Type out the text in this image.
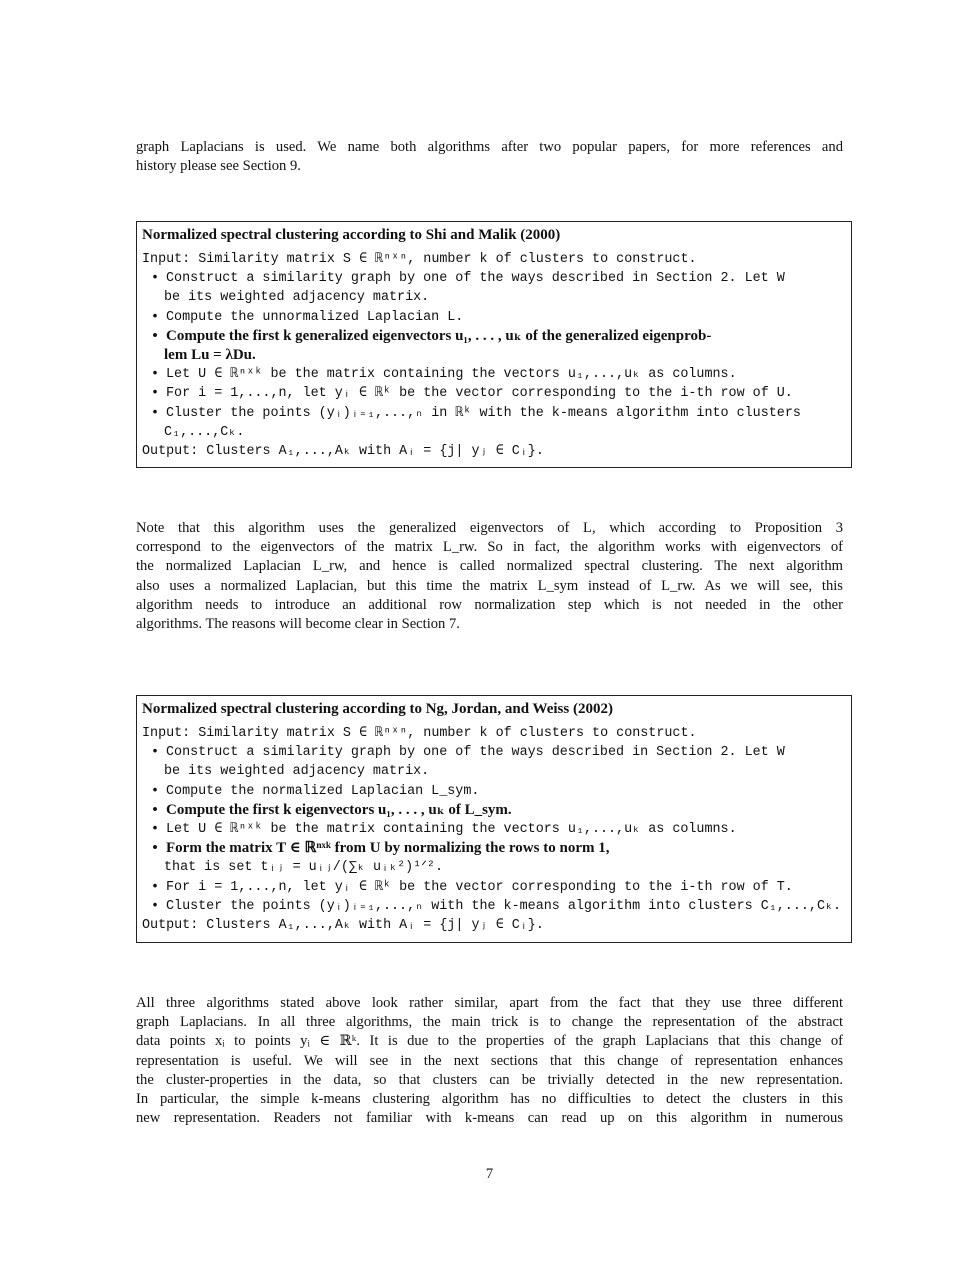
graph Laplacians is used. We name both algorithms after two popular papers, for more references and
history please see Section 9.
Normalized spectral clustering according to Shi and Malik (2000)
Input: Similarity matrix S ∈ ℝⁿˣⁿ, number k of clusters to construct.
• Construct a similarity graph by one of the ways described in Section 2. Let W
be its weighted adjacency matrix.
• Compute the unnormalized Laplacian L.
• Compute the first k generalized eigenvectors u₁, . . . , uₖ of the generalized eigenprob-
lem Lu = λDu.
• Let U ∈ ℝⁿˣᵏ be the matrix containing the vectors u₁,...,uₖ as columns.
• For i = 1,...,n, let yᵢ ∈ ℝᵏ be the vector corresponding to the i-th row of U.
• Cluster the points (yᵢ)ᵢ₌₁,...,ₙ in ℝᵏ with the k-means algorithm into clusters
C₁,...,Cₖ.
Output: Clusters A₁,...,Aₖ with Aᵢ = {j| yⱼ ∈ Cᵢ}.
Note that this algorithm uses the generalized eigenvectors of L, which according to Proposition 3
correspond to the eigenvectors of the matrix L_rw. So in fact, the algorithm works with eigenvectors of
the normalized Laplacian L_rw, and hence is called normalized spectral clustering. The next algorithm
also uses a normalized Laplacian, but this time the matrix L_sym instead of L_rw. As we will see, this
algorithm needs to introduce an additional row normalization step which is not needed in the other
algorithms. The reasons will become clear in Section 7.
Normalized spectral clustering according to Ng, Jordan, and Weiss (2002)
Input: Similarity matrix S ∈ ℝⁿˣⁿ, number k of clusters to construct.
• Construct a similarity graph by one of the ways described in Section 2. Let W
be its weighted adjacency matrix.
• Compute the normalized Laplacian L_sym.
• Compute the first k eigenvectors u₁, . . . , uₖ of L_sym.
• Let U ∈ ℝⁿˣᵏ be the matrix containing the vectors u₁,...,uₖ as columns.
• Form the matrix T ∈ ℝⁿˣᵏ from U by normalizing the rows to norm 1,
that is set tᵢⱼ = uᵢⱼ/(∑ₖ uᵢₖ²)¹ᐟ².
• For i = 1,...,n, let yᵢ ∈ ℝᵏ be the vector corresponding to the i-th row of T.
• Cluster the points (yᵢ)ᵢ₌₁,...,ₙ with the k-means algorithm into clusters C₁,...,Cₖ.
Output: Clusters A₁,...,Aₖ with Aᵢ = {j| yⱼ ∈ Cᵢ}.
All three algorithms stated above look rather similar, apart from the fact that they use three different
graph Laplacians. In all three algorithms, the main trick is to change the representation of the abstract
data points xᵢ to points yᵢ ∈ ℝᵏ. It is due to the properties of the graph Laplacians that this change of
representation is useful. We will see in the next sections that this change of representation enhances
the cluster-properties in the data, so that clusters can be trivially detected in the new representation.
In particular, the simple k-means clustering algorithm has no difficulties to detect the clusters in this
new representation. Readers not familiar with k-means can read up on this algorithm in numerous
7
